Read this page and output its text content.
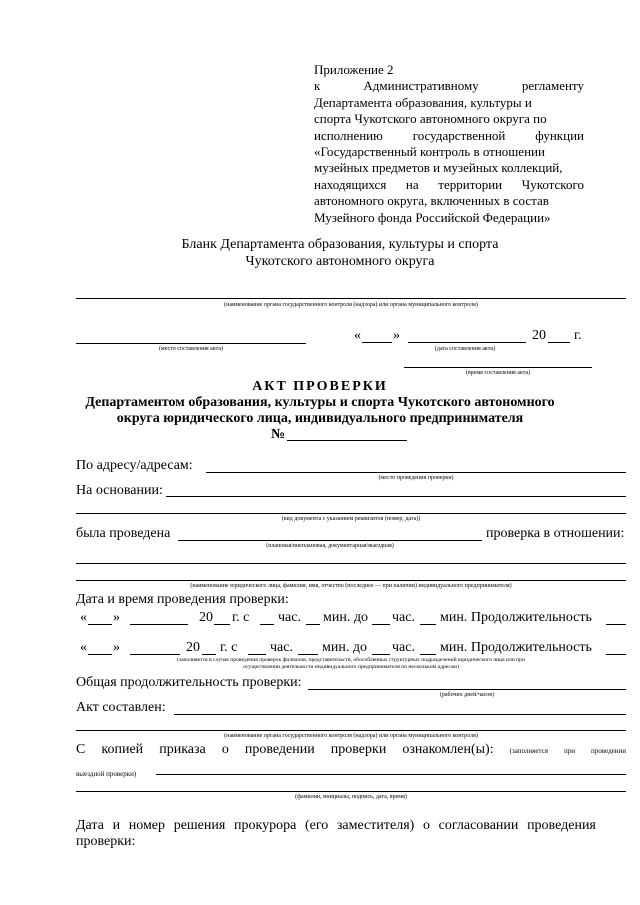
Приложение 2
к	Административному	регламенту
Департамента образования, культуры и
спорта Чукотского автономного округа по
исполнению государственной функции
«Государственный контроль в отношении
музейных предметов и музейных коллекций,
находящихся на территории Чукотского
автономного округа, включенных в состав
Музейного фонда Российской Федерации»
Бланк Департамента образования, культуры и спорта
Чукотского автономного округа
(наименование органа государственного контроля (надзора) или органа муниципального контроля)
(место составления акта)
« »	20 г.
(дата составления акта)
(время составления акта)
АКТ ПРОВЕРКИ
Департаментом образования, культуры и спорта Чукотского автономного
округа юридического лица, индивидуального предпринимателя
№
По адресу/адресам:
(место проведения проверки)
На основании:
(вид документа с указанием реквизитов (номер, дата))
была проведена	проверка в отношении:
(плановая/внеплановая, документарная/выездная)
(наименование юридического лица, фамилия, имя, отчество (последнее — при наличии) индивидуального предпринимателя)
Дата и время проведения проверки:
« »	20 г. с час. мин. до час. мин. Продолжительность
« »	20 г. с час. мин. до час. мин. Продолжительность
(заполняется в случае проведения проверок филиалов, представительств, обособленных структурных подразделений юридического лица или при
осуществлении деятельности индивидуального предпринимателя по нескольким адресам)
Общая продолжительность проверки:
(рабочих дней/часов)
Акт составлен:
(наименование органа государственного контроля (надзора) или органа муниципального контроля)
С копией приказа о проведении проверки ознакомлен(ы): (заполняется при проведении
выездной проверки)
(фамилии, инициалы, подпись, дата, время)
Дата и номер решения прокурора (его заместителя) о согласовании проведения
проверки:
